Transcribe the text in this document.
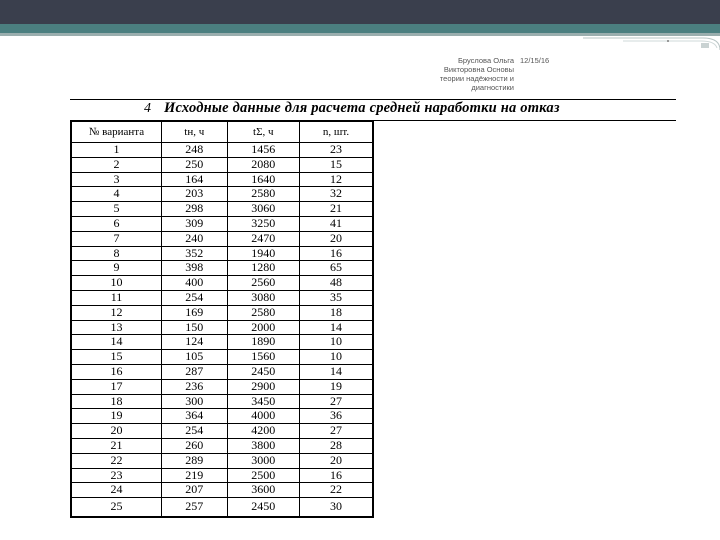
Бруслова Ольга Викторовна Основы теории надёжности и диагностики
12/15/16
4 Исходные данные для расчета средней наработки на отказ
№ варианта	tн, ч	tΣ, ч	n, шт.
1	248	1456	23
2	250	2080	15
3	164	1640	12
4	203	2580	32
5	298	3060	21
6	309	3250	41
7	240	2470	20
8	352	1940	16
9	398	1280	65
10	400	2560	48
11	254	3080	35
12	169	2580	18
13	150	2000	14
14	124	1890	10
15	105	1560	10
16	287	2450	14
17	236	2900	19
18	300	3450	27
19	364	4000	36
20	254	4200	27
21	260	3800	28
22	289	3000	20
23	219	2500	16
24	207	3600	22
25	257	2450	30
